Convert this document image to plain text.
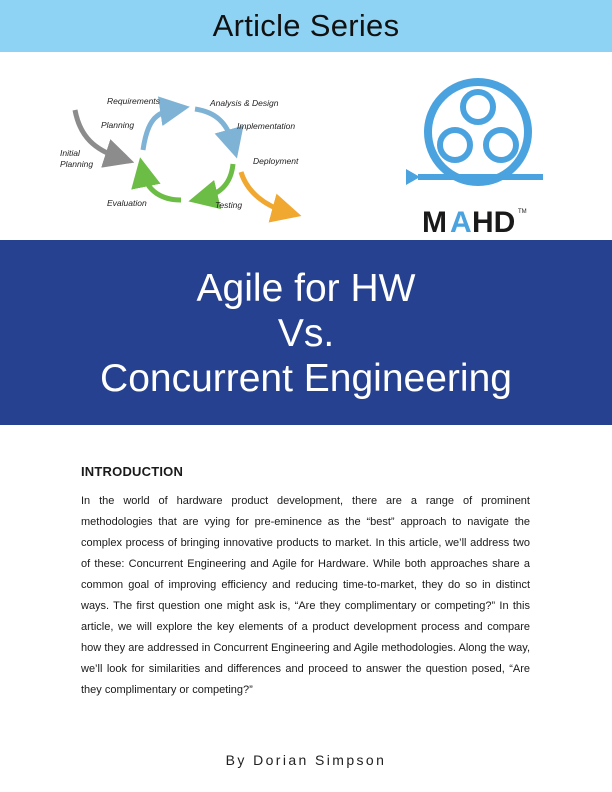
Article Series
Initial
Planning
Planning
Requirements	Analysis & Design
Implementation
Deployment
Testing
Evaluation
M A HD TM
Agile for HW
Vs.
Concurrent Engineering
INTRODUCTION

In the world of hardware product development, there are a range of prominent methodologies that are vying for pre-eminence as the “best” approach to navigate the complex process of bringing innovative products to market. In this article, we’ll address two of these: Concurrent Engineering and Agile for Hardware. While both approaches share a common goal of improving efficiency and reducing time-to-market, they do so in distinct ways. The first question one might ask is, “Are they complimentary or competing?” In this article, we will explore the key elements of a product development process and compare how they are addressed in Concurrent Engineering and Agile methodologies. Along the way, we’ll look for similarities and differences and proceed to answer the question posed, “Are they complimentary or competing?”

By Dorian Simpson
